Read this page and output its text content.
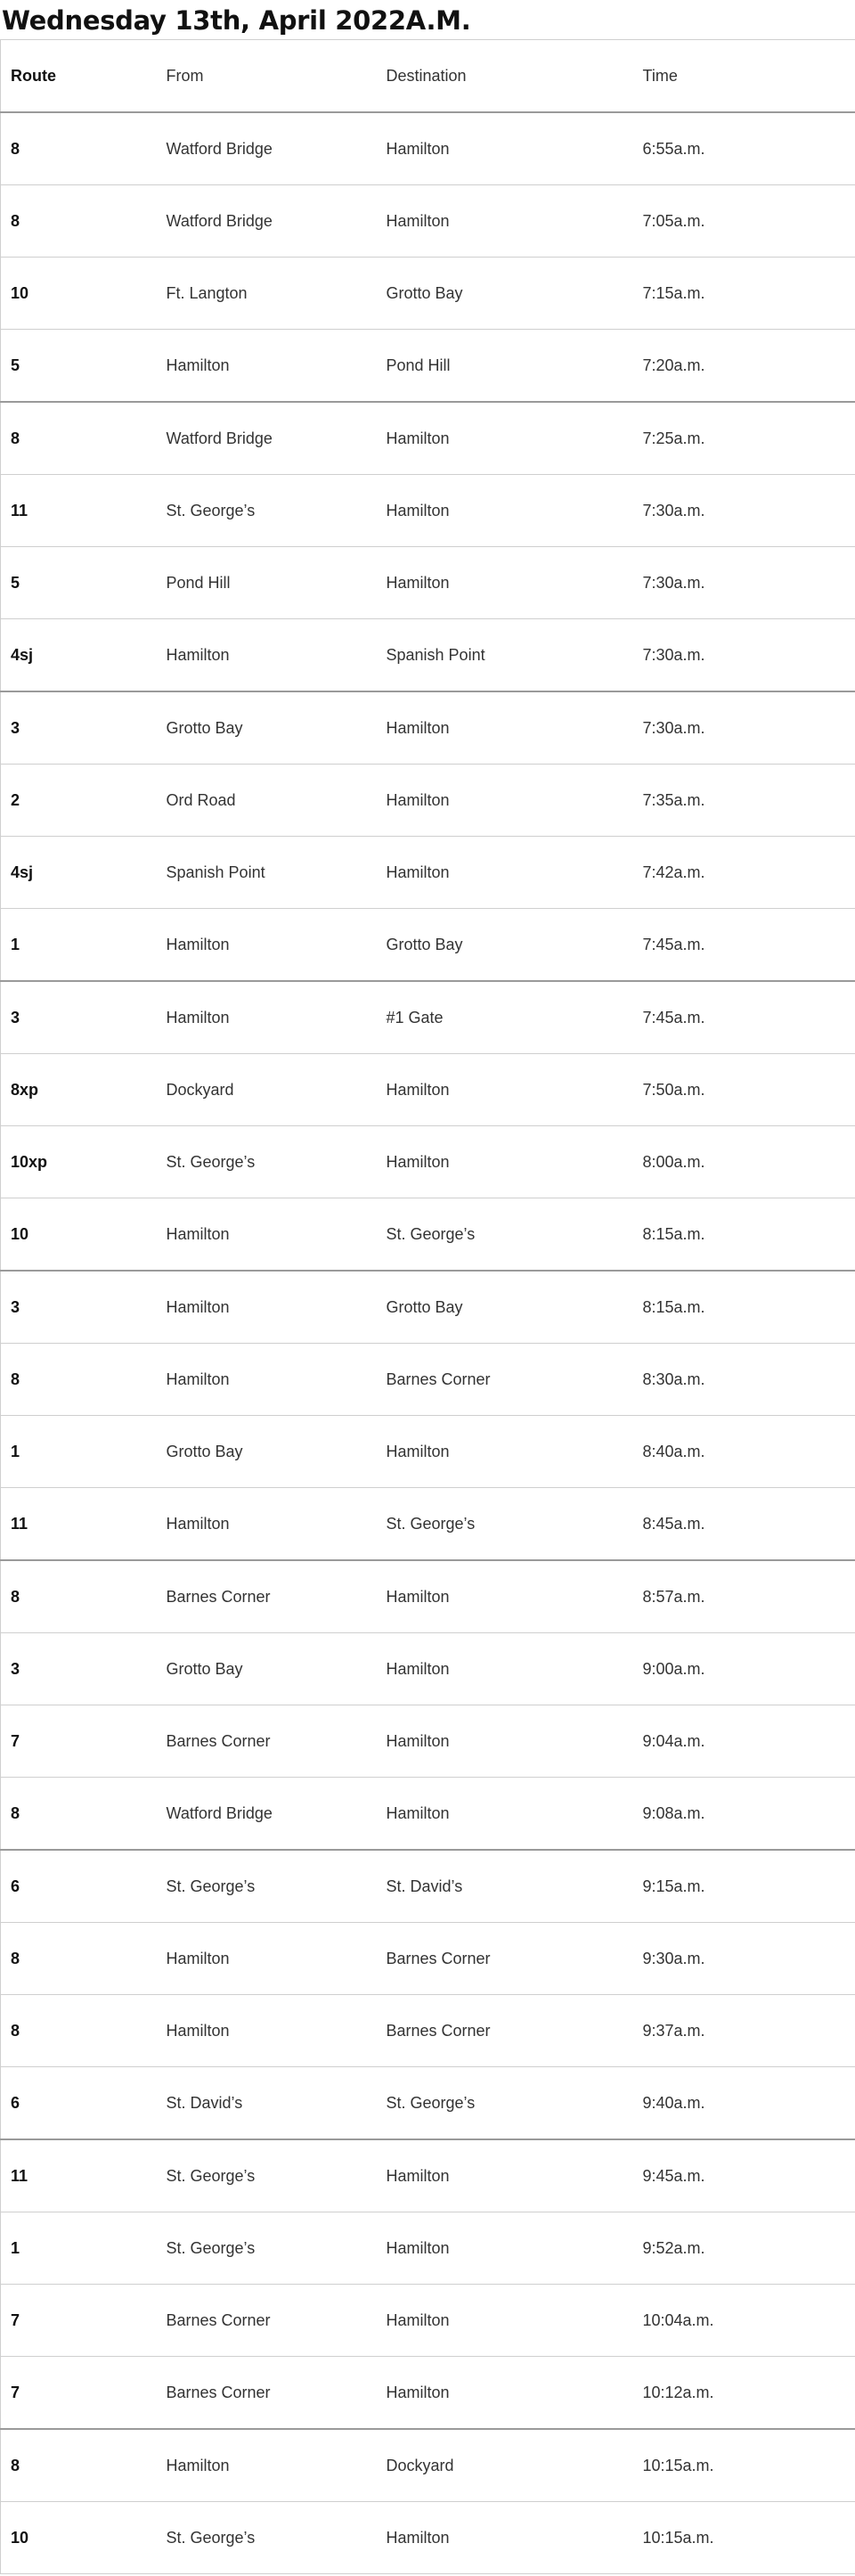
Wednesday 13th, April 2022A.M.
Route	From	Destination	Time
8	Watford Bridge	Hamilton	6:55a.m.
8	Watford Bridge	Hamilton	7:05a.m.
10	Ft. Langton	Grotto Bay	7:15a.m.
5	Hamilton	Pond Hill	7:20a.m.
8	Watford Bridge	Hamilton	7:25a.m.
11	St. George’s	Hamilton	7:30a.m.
5	Pond Hill	Hamilton	7:30a.m.
4sj	Hamilton	Spanish Point	7:30a.m.
3	Grotto Bay	Hamilton	7:30a.m.
2	Ord Road	Hamilton	7:35a.m.
4sj	Spanish Point	Hamilton	7:42a.m.
1	Hamilton	Grotto Bay	7:45a.m.
3	Hamilton	#1 Gate	7:45a.m.
8xp	Dockyard	Hamilton	7:50a.m.
10xp	St. George’s	Hamilton	8:00a.m.
10	Hamilton	St. George’s	8:15a.m.
3	Hamilton	Grotto Bay	8:15a.m.
8	Hamilton	Barnes Corner	8:30a.m.
1	Grotto Bay	Hamilton	8:40a.m.
11	Hamilton	St. George’s	8:45a.m.
8	Barnes Corner	Hamilton	8:57a.m.
3	Grotto Bay	Hamilton	9:00a.m.
7	Barnes Corner	Hamilton	9:04a.m.
8	Watford Bridge	Hamilton	9:08a.m.
6	St. George’s	St. David’s	9:15a.m.
8	Hamilton	Barnes Corner	9:30a.m.
8	Hamilton	Barnes Corner	9:37a.m.
6	St. David’s	St. George’s	9:40a.m.
11	St. George’s	Hamilton	9:45a.m.
1	St. George’s	Hamilton	9:52a.m.
7	Barnes Corner	Hamilton	10:04a.m.
7	Barnes Corner	Hamilton	10:12a.m.
8	Hamilton	Dockyard	10:15a.m.
10	St. George’s	Hamilton	10:15a.m.
